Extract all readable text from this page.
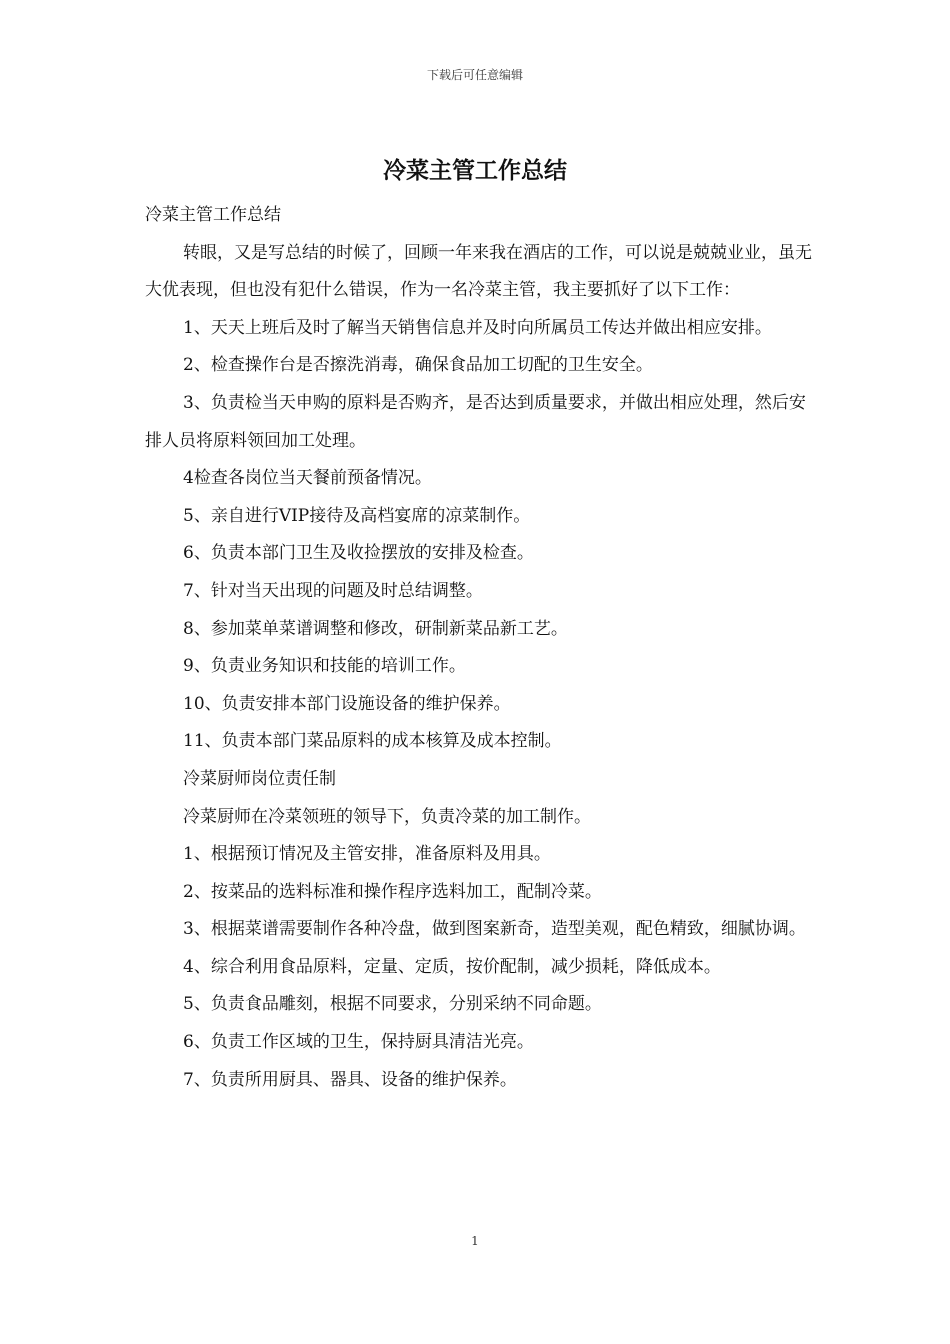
下载后可任意编辑
冷菜主管工作总结

冷菜主管工作总结

转眼，又是写总结的时候了，回顾一年来我在酒店的工作，可以说是兢兢业业，虽无大优表现，但也没有犯什么错误，作为一名冷菜主管，我主要抓好了以下工作：

1、天天上班后及时了解当天销售信息并及时向所属员工传达并做出相应安排。

2、检查操作台是否擦洗消毒，确保食品加工切配的卫生安全。

3、负责检当天申购的原料是否购齐，是否达到质量要求，并做出相应处理，然后安排人员将原料领回加工处理。

4检查各岗位当天餐前预备情况。

5、亲自进行VIP接待及高档宴席的凉菜制作。

6、负责本部门卫生及收捡摆放的安排及检查。

7、针对当天出现的问题及时总结调整。

8、参加菜单菜谱调整和修改，研制新菜品新工艺。

9、负责业务知识和技能的培训工作。

10、负责安排本部门设施设备的维护保养。

11、负责本部门菜品原料的成本核算及成本控制。

冷菜厨师岗位责任制

冷菜厨师在冷菜领班的领导下，负责冷菜的加工制作。

1、根据预订情况及主管安排，准备原料及用具。

2、按菜品的选料标准和操作程序选料加工，配制冷菜。

3、根据菜谱需要制作各种冷盘，做到图案新奇，造型美观，配色精致，细腻协调。

4、综合利用食品原料，定量、定质，按价配制，减少损耗，降低成本。

5、负责食品雕刻，根据不同要求，分别采纳不同命题。

6、负责工作区域的卫生，保持厨具清洁光亮。

7、负责所用厨具、器具、设备的维护保养。

1
